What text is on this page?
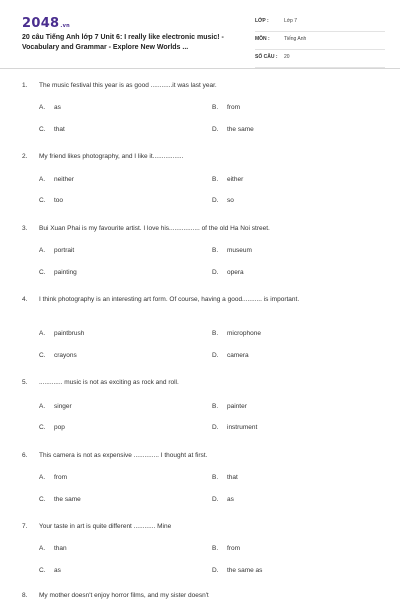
2048.vn
20 câu Tiếng Anh lớp 7 Unit 6: I really like electronic music! - Vocabulary and Grammar - Explore New Worlds ...
LỚP :	Lớp 7
MÔN :	Tiếng Anh
SỐ CÂU :	20
1. The music festival this year is as good ............it was last year.
A. as	B. from
C. that	D. the same
2. My friend likes photography, and I like it.................
A. neither	B. either
C. too	D. so
3. Bui Xuan Phai is my favourite artist. I love his................. of the old Ha Noi street.
A. portrait	B. museum
C. painting	D. opera
4. I think photography is an interesting art form. Of course, having a good........... is important.
A. paintbrush	B. microphone
C. crayons	D. camera
5. ............. music is not as exciting as rock and roll.
A. singer	B. painter
C. pop	D. instrument
6. This camera is not as expensive .............. I thought at first.
A. from	B. that
C. the same	D. as
7. Your taste in art is quite different ............ Mine
A. than	B. from
C. as	D. the same as
8. My mother doesn't enjoy horror films, and my sister doesn't
